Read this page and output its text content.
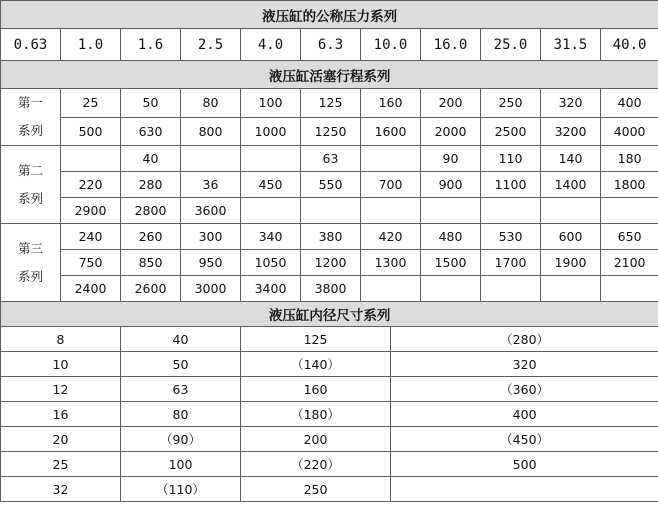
液压缸的公称压力系列											
0.63	1.0	1.6	2.5	4.0	6.3	10.0		16.0	25.0	31.5	40.0
液压缸活塞行程系列											
第一
系列	25	50	80	100	125	160		200	250	320	400
	500	630	800	1000	1250	1600		2000	2500	3200	4000
第二
系列		40			63			90	110	140	180
	220	280	36	450	550	700		900	1100	1400	1800
	2900	2800	3600								
第三
系列	240	260	300	340	380	420		480	530	600	650
	750	850	950	1050	1200	1300		1500	1700	1900	2100
	2400	2600	3000	3400	3800						
液压缸内径尺寸系列											
8		40		125			（280）				
10		50		（140）			320				
12		63		160			（360）				
16		80		（180）			400				
20		（90）		200			（450）				
25		100		（220）			500				
32		（110）		250							
